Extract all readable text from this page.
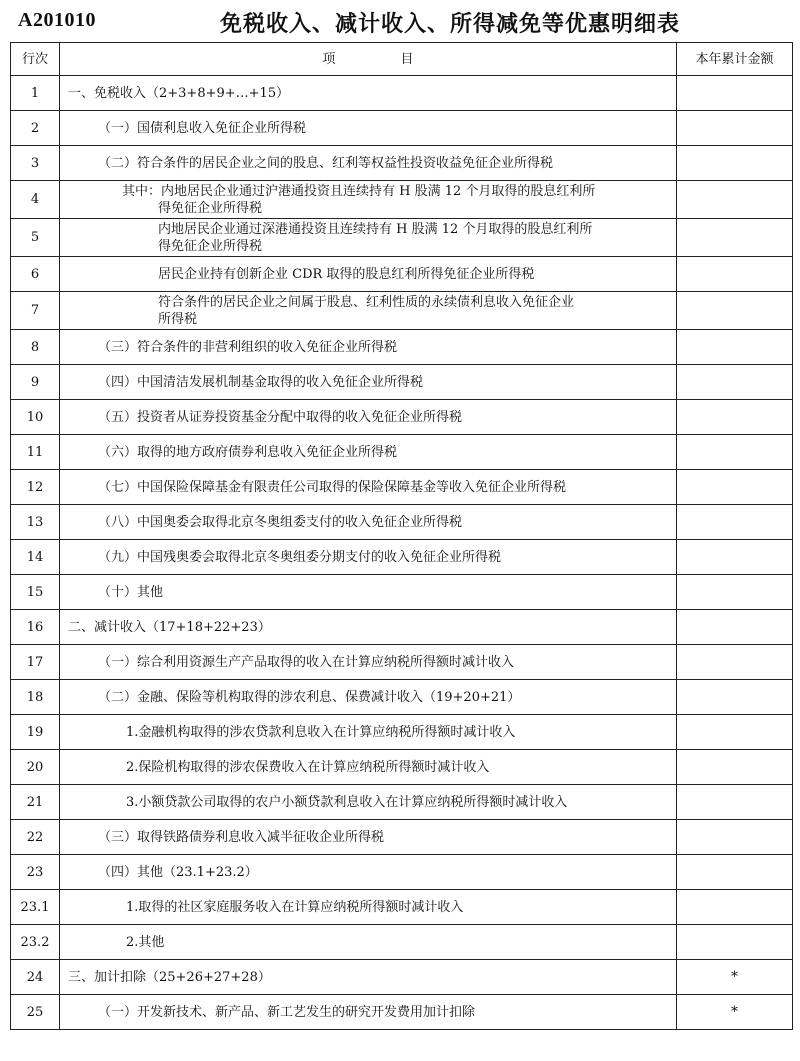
A201010	免税收入、减计收入、所得减免等优惠明细表
行次	项　　　　　目	本年累计金额
1	一、免税收入（2+3+8+9+…+15）	
2	（一）国债利息收入免征企业所得税	
3	（二）符合条件的居民企业之间的股息、红利等权益性投资收益免征企业所得税	
4	其中：内地居民企业通过沪港通投资且连续持有 H 股满 12 个月取得的股息红利所
得免征企业所得税	

5	内地居民企业通过深港通投资且连续持有 H 股满 12 个月取得的股息红利所
得免征企业所得税	

6	居民企业持有创新企业 CDR 取得的股息红利所得免征企业所得税	
7	符合条件的居民企业之间属于股息、红利性质的永续债利息收入免征企业
所得税	

8	（三）符合条件的非营利组织的收入免征企业所得税	
9	（四）中国清洁发展机制基金取得的收入免征企业所得税	
10	（五）投资者从证券投资基金分配中取得的收入免征企业所得税	
11	（六）取得的地方政府债券利息收入免征企业所得税	
12	（七）中国保险保障基金有限责任公司取得的保险保障基金等收入免征企业所得税	
13	（八）中国奥委会取得北京冬奥组委支付的收入免征企业所得税	
14	（九）中国残奥委会取得北京冬奥组委分期支付的收入免征企业所得税	
15	（十）其他	
16	二、减计收入（17+18+22+23）	
17	（一）综合利用资源生产产品取得的收入在计算应纳税所得额时减计收入	
18	（二）金融、保险等机构取得的涉农利息、保费减计收入（19+20+21）	
19	1.金融机构取得的涉农贷款利息收入在计算应纳税所得额时减计收入	
20	2.保险机构取得的涉农保费收入在计算应纳税所得额时减计收入	
21	3.小额贷款公司取得的农户小额贷款利息收入在计算应纳税所得额时减计收入	
22	（三）取得铁路债券利息收入减半征收企业所得税	
23	（四）其他（23.1+23.2）	
23.1	1.取得的社区家庭服务收入在计算应纳税所得额时减计收入	
23.2	2.其他	
24	三、加计扣除（25+26+27+28）	*
25	（一）开发新技术、新产品、新工艺发生的研究开发费用加计扣除	*
